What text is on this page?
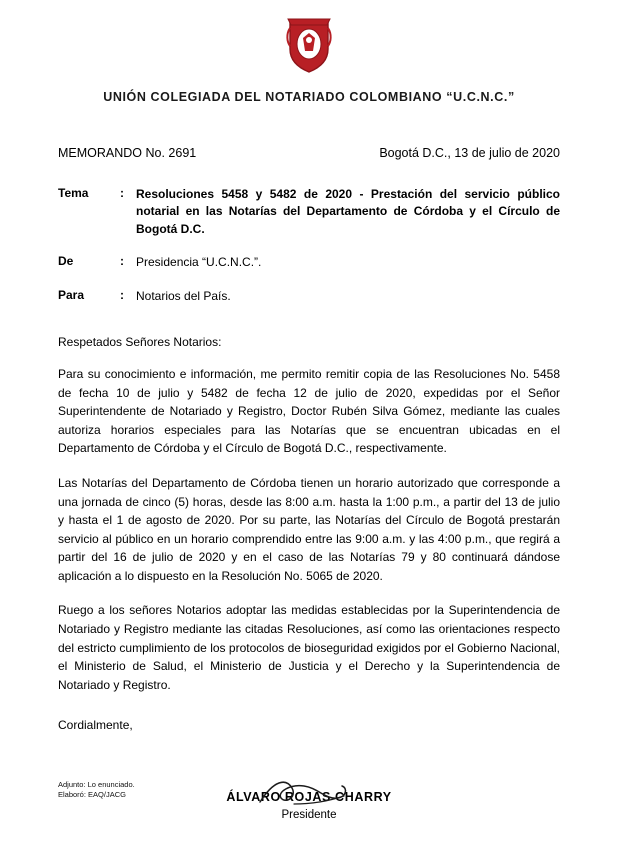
UNIÓN COLEGIADA DEL NOTARIADO COLOMBIANO “U.C.N.C.”
MEMORANDO No. 2691	Bogotá D.C., 13 de julio de 2020
Tema	:	Resoluciones 5458 y 5482 de 2020 - Prestación del servicio público notarial en las Notarías del Departamento de Córdoba y el Círculo de Bogotá D.C.
De	:	Presidencia “U.C.N.C.”.
Para	:	Notarios del País.
Respetados Señores Notarios:
Para su conocimiento e información, me permito remitir copia de las Resoluciones No. 5458 de fecha 10 de julio y 5482 de fecha 12 de julio de 2020, expedidas por el Señor Superintendente de Notariado y Registro, Doctor Rubén Silva Gómez, mediante las cuales autoriza horarios especiales para las Notarías que se encuentran ubicadas en el Departamento de Córdoba y el Círculo de Bogotá D.C., respectivamente.
Las Notarías del Departamento de Córdoba tienen un horario autorizado que corresponde a una jornada de cinco (5) horas, desde las 8:00 a.m. hasta la 1:00 p.m., a partir del 13 de julio y hasta el 1 de agosto de 2020. Por su parte, las Notarías del Círculo de Bogotá prestarán servicio al público en un horario comprendido entre las 9:00 a.m. y las 4:00 p.m., que regirá a partir del 16 de julio de 2020 y en el caso de las Notarías 79 y 80 continuará dándose aplicación a lo dispuesto en la Resolución No. 5065 de 2020.
Ruego a los señores Notarios adoptar las medidas establecidas por la Superintendencia de Notariado y Registro mediante las citadas Resoluciones, así como las orientaciones respecto del estricto cumplimiento de los protocolos de bioseguridad exigidos por el Gobierno Nacional, el Ministerio de Salud, el Ministerio de Justicia y el Derecho y la Superintendencia de Notariado y Registro.
Cordialmente,
ÁLVARO ROJAS CHARRY
Presidente
Adjunto: Lo enunciado.
Elaboró: EAQ/JACG
